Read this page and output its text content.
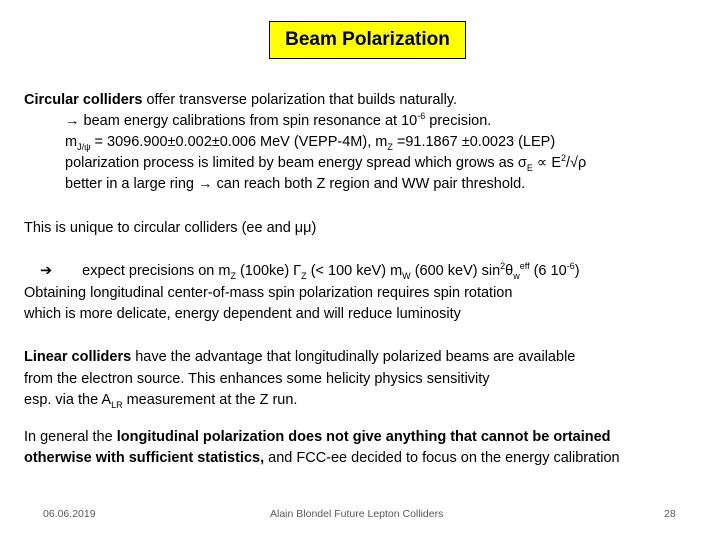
Beam Polarization
Circular colliders offer transverse polarization that builds naturally.
→ beam energy calibrations from spin resonance at $10^{-6}$ precision.
$m_{J/\psi} = 3096.900\pm 0.002\pm 0.006$ MeV (VEPP-4M), $m_Z =91.1867 \pm 0.0023$ (LEP)
polarization process is limited by beam energy spread which grows as $\sigma_E \propto E^2/√\rho$
better in a large ring → can reach both Z region and WW pair threshold.
This is unique to circular colliders (ee and μμ)
➔ expect precisions on $m_Z$ (100ke) $\Gamma_Z$ (< 100 keV) $m_W$ (600 keV) $\sin^2\theta_w^{eff}$ (6 $10^{-6}$)
Obtaining longitudinal center-of-mass spin polarization requires spin rotation
which is more delicate, energy dependent and will reduce luminosity
Linear colliders have the advantage that longitudinally polarized beams are available
from the electron source. This enhances some helicity physics sensitivity
esp. via the $A_{LR}$ measurement at the Z run.
In general the longitudinal polarization does not give anything that cannot be ortained
otherwise with sufficient statistics, and FCC-ee decided to focus on the energy calibration
06.06.2019	Alain Blondel Future Lepton Colliders	28
